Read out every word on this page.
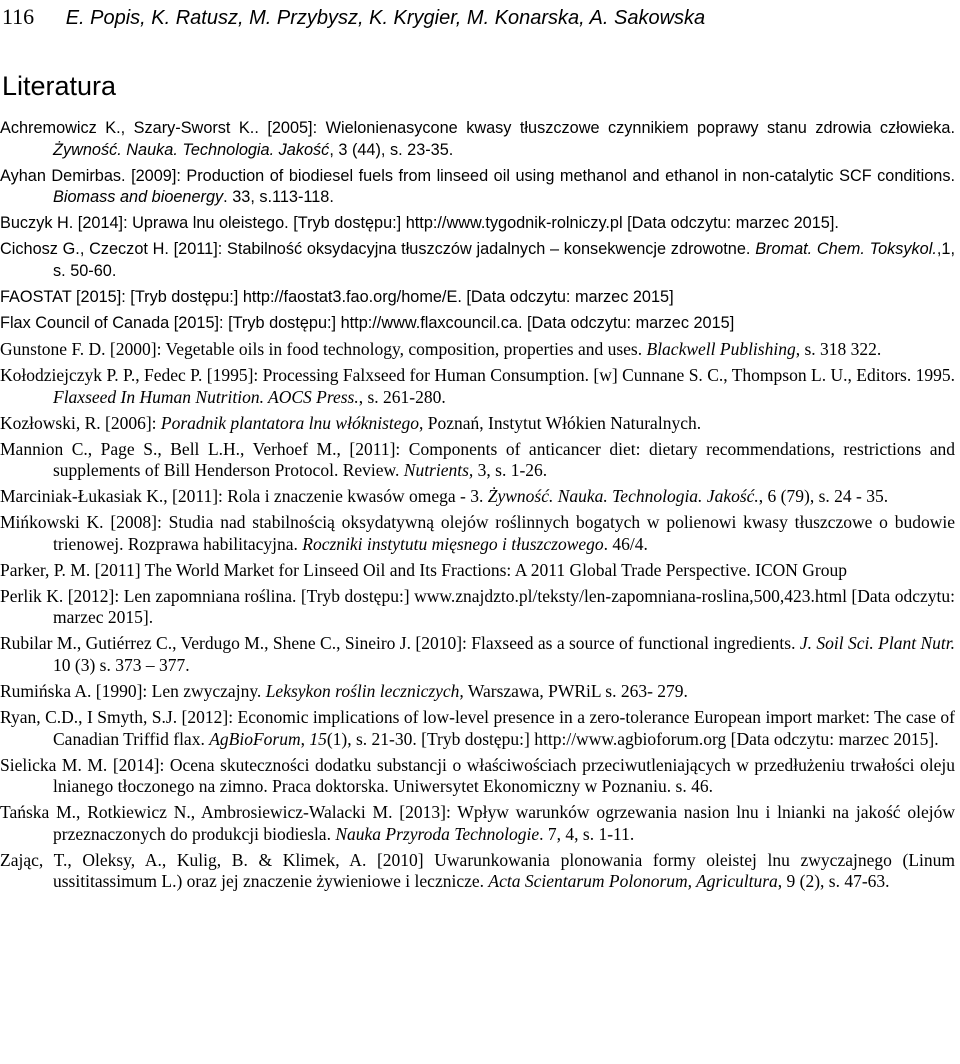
116 E. Popis, K. Ratusz, M. Przybysz, K. Krygier, M. Konarska, A. Sakowska
Literatura

Achremowicz K., Szary-Sworst K.. [2005]: Wielonienasycone kwasy tłuszczowe czynnikiem poprawy stanu zdrowia człowieka. Żywność. Nauka. Technologia. Jakość, 3 (44), s. 23-35.

Ayhan Demirbas. [2009]: Production of biodiesel fuels from linseed oil using methanol and ethanol in non-catalytic SCF conditions. Biomass and bioenergy. 33, s.113-118.

Buczyk H. [2014]: Uprawa lnu oleistego. [Tryb dostępu:] http://www.tygodnik-rolniczy.pl [Data odczytu: marzec 2015].

Cichosz G., Czeczot H. [2011]: Stabilność oksydacyjna tłuszczów jadalnych – konsekwencje zdrowotne. Bromat. Chem. Toksykol.,1, s. 50-60.

FAOSTAT [2015]: [Tryb dostępu:] http://faostat3.fao.org/home/E. [Data odczytu: marzec 2015]

Flax Council of Canada [2015]: [Tryb dostępu:] http://www.flaxcouncil.ca. [Data odczytu: marzec 2015]

Gunstone F. D. [2000]: Vegetable oils in food technology, composition, properties and uses. Blackwell Publishing, s. 318 322.

Kołodziejczyk P. P., Fedec P. [1995]: Processing Falxseed for Human Consumption. [w] Cunnane S. C., Thompson L. U., Editors. 1995. Flaxseed In Human Nutrition. AOCS Press., s. 261-280.

Kozłowski, R. [2006]: Poradnik plantatora lnu włóknistego, Poznań, Instytut Włókien Naturalnych.

Mannion C., Page S., Bell L.H., Verhoef M., [2011]: Components of anticancer diet: dietary recommendations, restrictions and supplements of Bill Henderson Protocol. Review. Nutrients, 3, s. 1-26.

Marciniak-Łukasiak K., [2011]: Rola i znaczenie kwasów omega - 3. Żywność. Nauka. Technologia. Jakość., 6 (79), s. 24 - 35.

Mińkowski K. [2008]: Studia nad stabilnością oksydatywną olejów roślinnych bogatych w polienowi kwasy tłuszczowe o budowie trienowej. Rozprawa habilitacyjna. Roczniki instytutu mięsnego i tłuszczowego. 46/4.

Parker, P. M. [2011] The World Market for Linseed Oil and Its Fractions: A 2011 Global Trade Perspective. ICON Group

Perlik K. [2012]: Len zapomniana roślina. [Tryb dostępu:] www.znajdzto.pl/teksty/len-zapomniana-roslina,500,423.html [Data odczytu: marzec 2015].

Rubilar M., Gutiérrez C., Verdugo M., Shene C., Sineiro J. [2010]: Flaxseed as a source of functional ingredients. J. Soil Sci. Plant Nutr. 10 (3) s. 373 – 377.

Rumińska A. [1990]: Len zwyczajny. Leksykon roślin leczniczych, Warszawa, PWRiL s. 263- 279.

Ryan, C.D., I Smyth, S.J. [2012]: Economic implications of low-level presence in a zero-tolerance European import market: The case of Canadian Triffid flax. AgBioForum, 15(1), s. 21-30. [Tryb dostępu:] http://www.agbioforum.org [Data odczytu: marzec 2015].

Sielicka M. M. [2014]: Ocena skuteczności dodatku substancji o właściwościach przeciwutleniających w przedłużeniu trwałości oleju lnianego tłoczonego na zimno. Praca doktorska. Uniwersytet Ekonomiczny w Poznaniu. s. 46.

Tańska M., Rotkiewicz N., Ambrosiewicz-Walacki M. [2013]: Wpływ warunków ogrzewania nasion lnu i lnianki na jakość olejów przeznaczonych do produkcji biodiesla. Nauka Przyroda Technologie. 7, 4, s. 1-11.

Zając, T., Oleksy, A., Kulig, B. & Klimek, A. [2010] Uwarunkowania plonowania formy oleistej lnu zwyczajnego (Linum ussititassimum L.) oraz jej znaczenie żywieniowe i lecznicze. Acta Scientarum Polonorum, Agricultura, 9 (2), s. 47-63.
